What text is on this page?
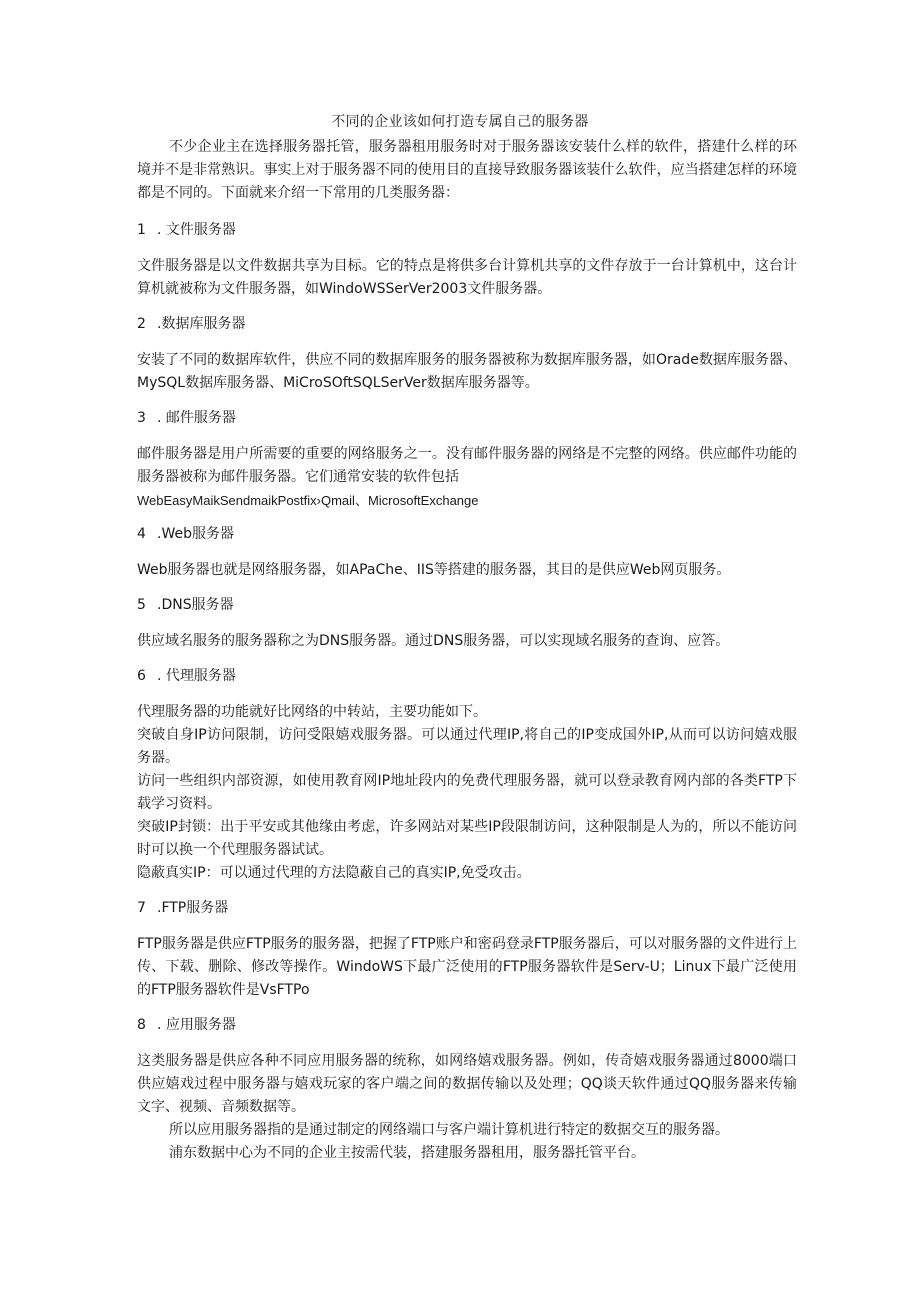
不同的企业该如何打造专属自己的服务器

不少企业主在选择服务器托管，服务器租用服务时对于服务器该安装什么样的软件，搭建什么样的环境并不是非常熟识。事实上对于服务器不同的使用目的直接导致服务器该装什么软件，应当搭建怎样的环境都是不同的。下面就来介绍一下常用的几类服务器：

1 . 文件服务器

文件服务器是以文件数据共享为目标。它的特点是将供多台计算机共享的文件存放于一台计算机中，这台计算机就被称为文件服务器，如WindoWSSerVer2003文件服务器。

2 .数据库服务器

安装了不同的数据库软件，供应不同的数据库服务的服务器被称为数据库服务器，如Orade数据库服务器、MySQL数据库服务器、MiCroSOftSQLSerVer数据库服务器等。

3 . 邮件服务器

邮件服务器是用户所需要的重要的网络服务之一。没有邮件服务器的网络是不完整的网络。供应邮件功能的服务器被称为邮件服务器。它们通常安装的软件包括

WebEasyMaikSendmaikPostfix›Qmail、MicrosoftExchange

4 .Web服务器

Web服务器也就是网络服务器，如APaChe、IIS等搭建的服务器，其目的是供应Web网页服务。

5 .DNS服务器

供应域名服务的服务器称之为DNS服务器。通过DNS服务器，可以实现域名服务的查询、应答。

6 . 代理服务器

代理服务器的功能就好比网络的中转站，主要功能如下。

突破自身IP访问限制，访问受限嬉戏服务器。可以通过代理IP,将自己的IP变成国外IP,从而可以访问嬉戏服务器。

访问一些组织内部资源，如使用教育网IP地址段内的免费代理服务器，就可以登录教育网内部的各类FTP下载学习资料。

突破IP封锁：出于平安或其他缘由考虑，许多网站对某些IP段限制访问，这种限制是人为的，所以不能访问时可以换一个代理服务器试试。

隐蔽真实IP：可以通过代理的方法隐蔽自己的真实IP,免受攻击。

7 .FTP服务器

FTP服务器是供应FTP服务的服务器，把握了FTP账户和密码登录FTP服务器后，可以对服务器的文件进行上传、下载、删除、修改等操作。WindoWS下最广泛使用的FTP服务器软件是Serv-U；Linux下最广泛使用的FTP服务器软件是VsFTPo

8 . 应用服务器

这类服务器是供应各种不同应用服务器的统称，如网络嬉戏服务器。例如，传奇嬉戏服务器通过8000端口供应嬉戏过程中服务器与嬉戏玩家的客户端之间的数据传输以及处理；QQ谈天软件通过QQ服务器来传输文字、视频、音频数据等。

所以应用服务器指的是通过制定的网络端口与客户端计算机进行特定的数据交互的服务器。

浦东数据中心为不同的企业主按需代装，搭建服务器租用，服务器托管平台。
